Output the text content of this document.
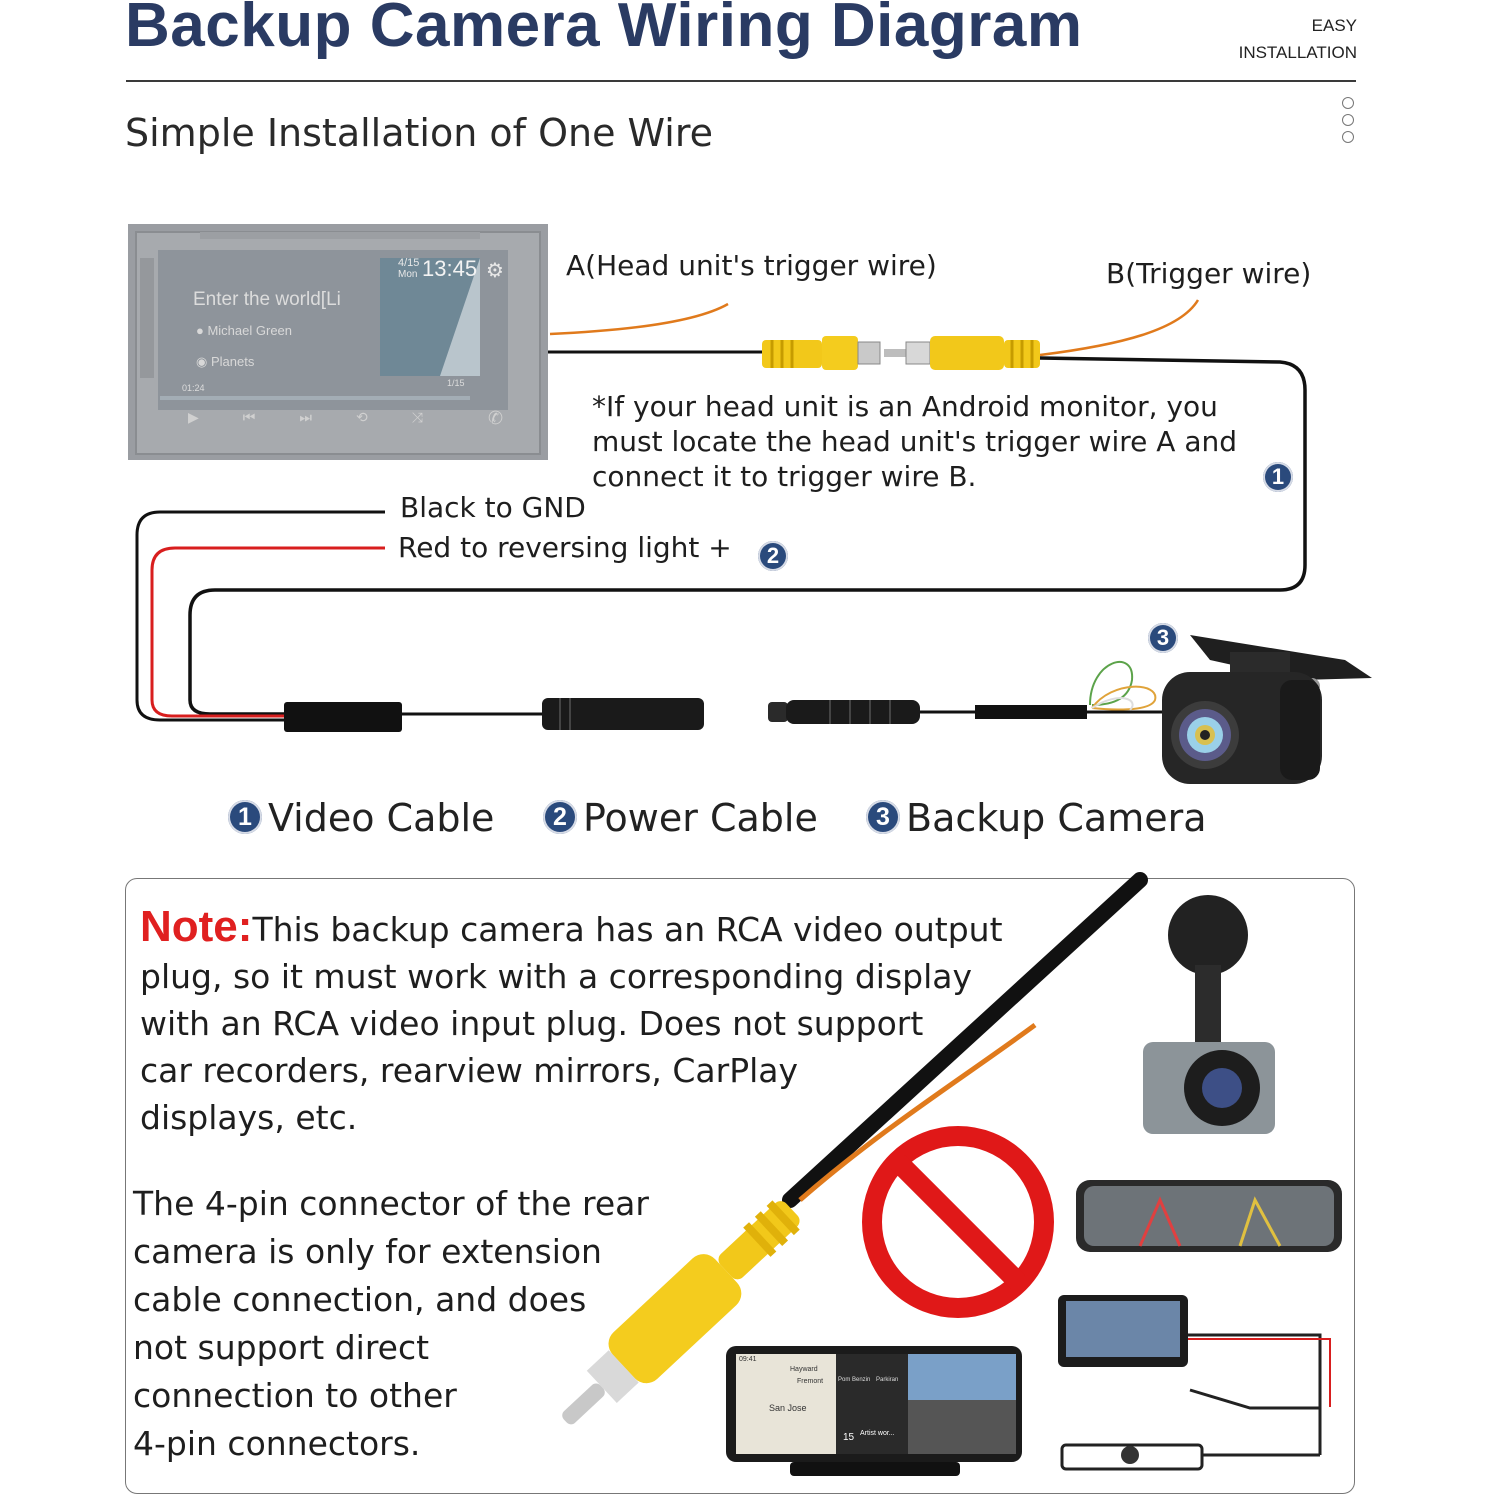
Backup Camera Wiring Diagram	EASY
INSTALLATION
Simple Installation of One Wire
4/15
Mon 13:45 ⚙
Enter the world[Li
● Michael Green
◉ Planets
01:24	1/15
▶⏮⏭⟲⤨ ✆
A(Head unit's trigger wire)	B(Trigger wire)
*If your head unit is an Android monitor, you
must locate the head unit's trigger wire A and
connect it to trigger wire B.	1
Black to GND
Red to reversing light +	2
3
1 Video Cable	2 Power Cable	3 Backup Camera
09:41
Hayward
Fremont
San Jose
Pom Benzin Parkiran
15 Artist wor...
Note:This backup camera has an RCA video output
plug, so it must work with a corresponding display
with an RCA video input plug. Does not support
car recorders, rearview mirrors, CarPlay
displays, etc.
The 4-pin connector of the rear
camera is only for extension
cable connection, and does
not support direct
connection to other
4-pin connectors.
